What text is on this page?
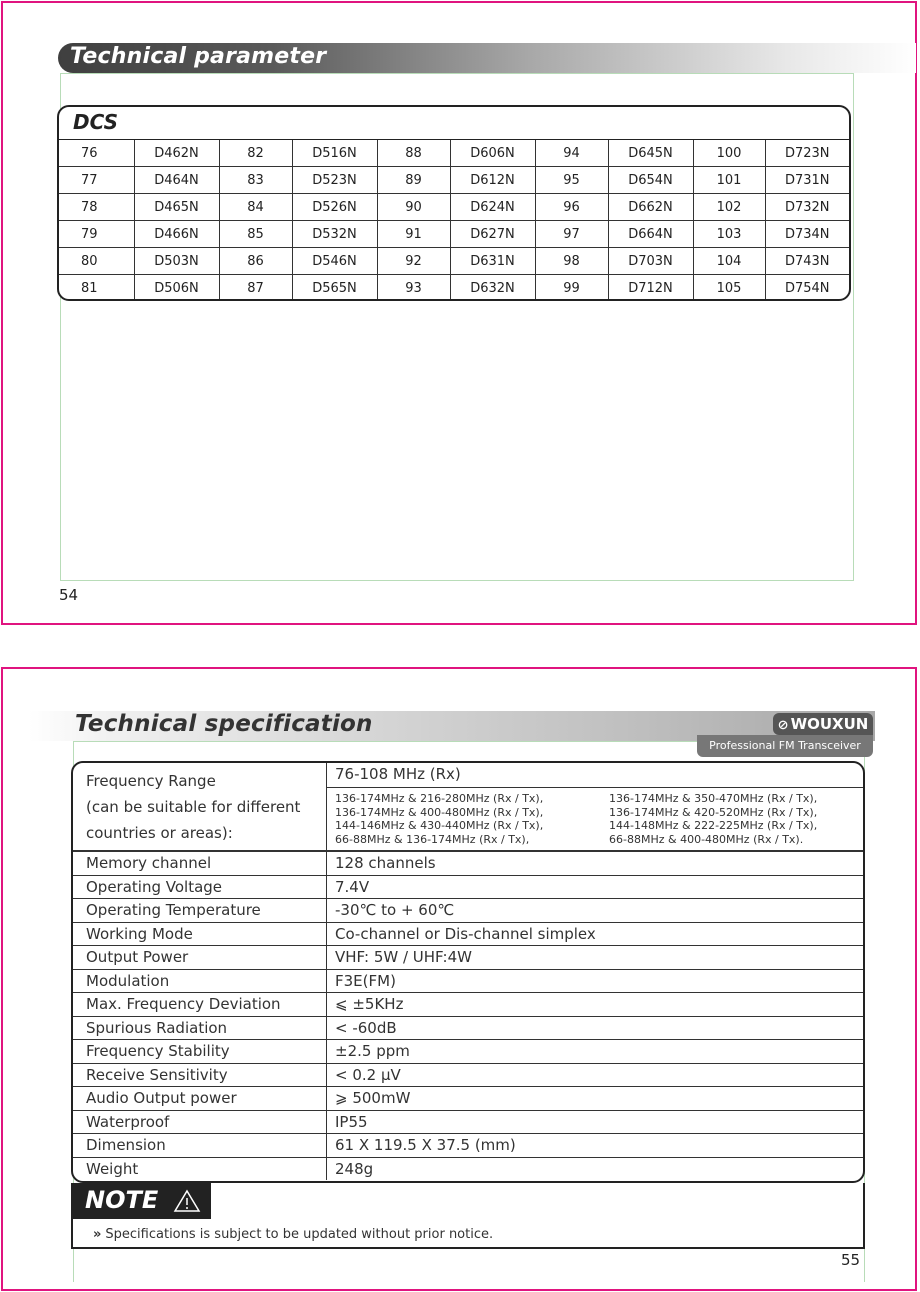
Technical parameter
DCS
76	D462N	82	D516N	88	D606N	94	D645N	100	D723N
77	D464N	83	D523N	89	D612N	95	D654N	101	D731N
78	D465N	84	D526N	90	D624N	96	D662N	102	D732N
79	D466N	85	D532N	91	D627N	97	D664N	103	D734N
80	D503N	86	D546N	92	D631N	98	D703N	104	D743N
81	D506N	87	D565N	93	D632N	99	D712N	105	D754N
54
Technical specification	⊘ WOUXUN
Professional FM Transceiver
Frequency Range
(can be suitable for different
countries or areas):
76-108 MHz (Rx)
136-174MHz & 216-280MHz (Rx / Tx),	136-174MHz & 350-470MHz (Rx / Tx),
136-174MHz & 400-480MHz (Rx / Tx),	136-174MHz & 420-520MHz (Rx / Tx),
144-146MHz & 430-440MHz (Rx / Tx),	144-148MHz & 222-225MHz (Rx / Tx),
66-88MHz & 136-174MHz (Rx / Tx),	66-88MHz & 400-480MHz (Rx / Tx).
Memory channel	128 channels
Operating Voltage	7.4V
Operating Temperature	-30℃ to + 60℃
Working Mode	Co-channel or Dis-channel simplex
Output Power	VHF: 5W / UHF:4W
Modulation	F3E(FM)
Max. Frequency Deviation	⩽ ±5KHz
Spurious Radiation	< -60dB
Frequency Stability	±2.5 ppm
Receive Sensitivity	< 0.2 μV
Audio Output power	⩾ 500mW
Waterproof	IP55
Dimension	61 X 119.5 X 37.5 (mm)
Weight	248g
NOTE
» Specifications is subject to be updated without prior notice.
55
